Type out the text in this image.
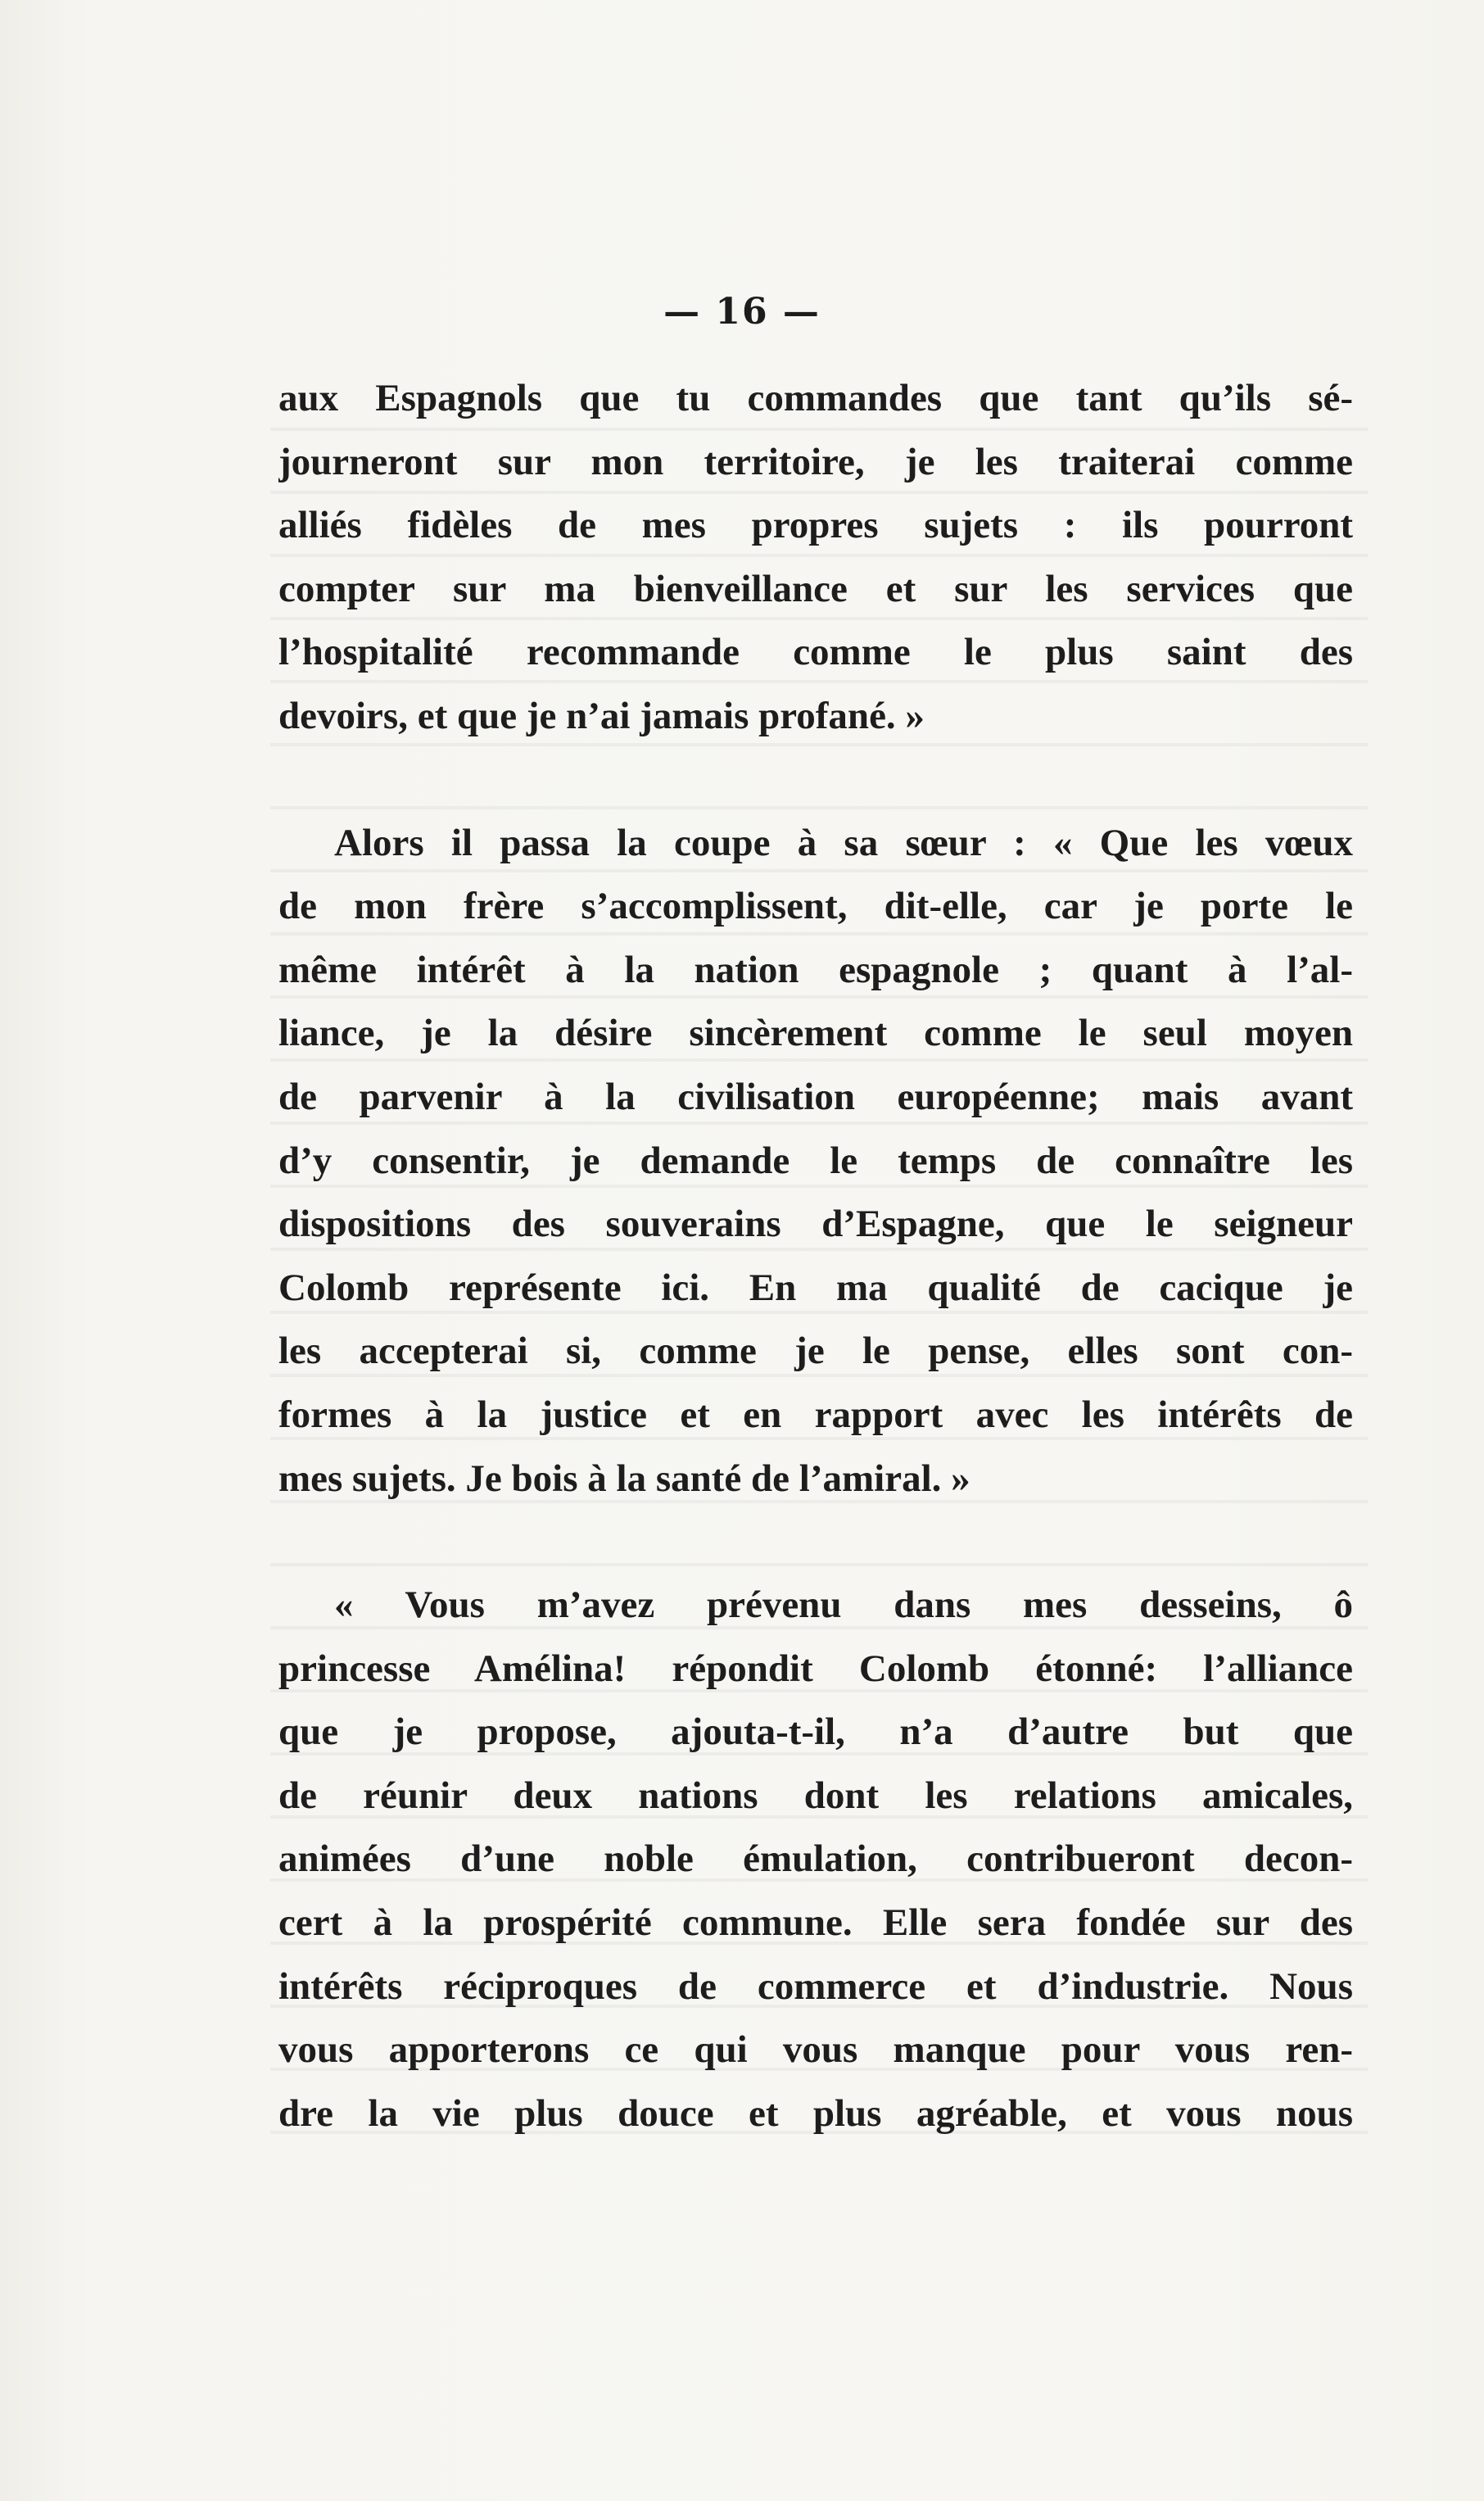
— 16 —

aux Espagnols que tu commandes que tant qu’ils sé-
journeront sur mon territoire, je les traiterai comme
alliés fidèles de mes propres sujets : ils pourront
compter sur ma bienveillance et sur les services que
l’hospitalité recommande comme le plus saint des
devoirs, et que je n’ai jamais profané. »

Alors il passa la coupe à sa sœur : « Que les vœux
de mon frère s’accomplissent, dit-elle, car je porte le
même intérêt à la nation espagnole ; quant à l’al-
liance, je la désire sincèrement comme le seul moyen
de parvenir à la civilisation européenne; mais avant
d’y consentir, je demande le temps de connaître les
dispositions des souverains d’Espagne, que le seigneur
Colomb représente ici. En ma qualité de cacique je
les accepterai si, comme je le pense, elles sont con-
formes à la justice et en rapport avec les intérêts de
mes sujets. Je bois à la santé de l’amiral. »

« Vous m’avez prévenu dans mes desseins, ô
princesse Amélina! répondit Colomb étonné: l’alliance
que je propose, ajouta-t-il, n’a d’autre but que
de réunir deux nations dont les relations amicales,
animées d’une noble émulation, contribueront decon-
cert à la prospérité commune. Elle sera fondée sur des
intérêts réciproques de commerce et d’industrie. Nous
vous apporterons ce qui vous manque pour vous ren-
dre la vie plus douce et plus agréable, et vous nous
